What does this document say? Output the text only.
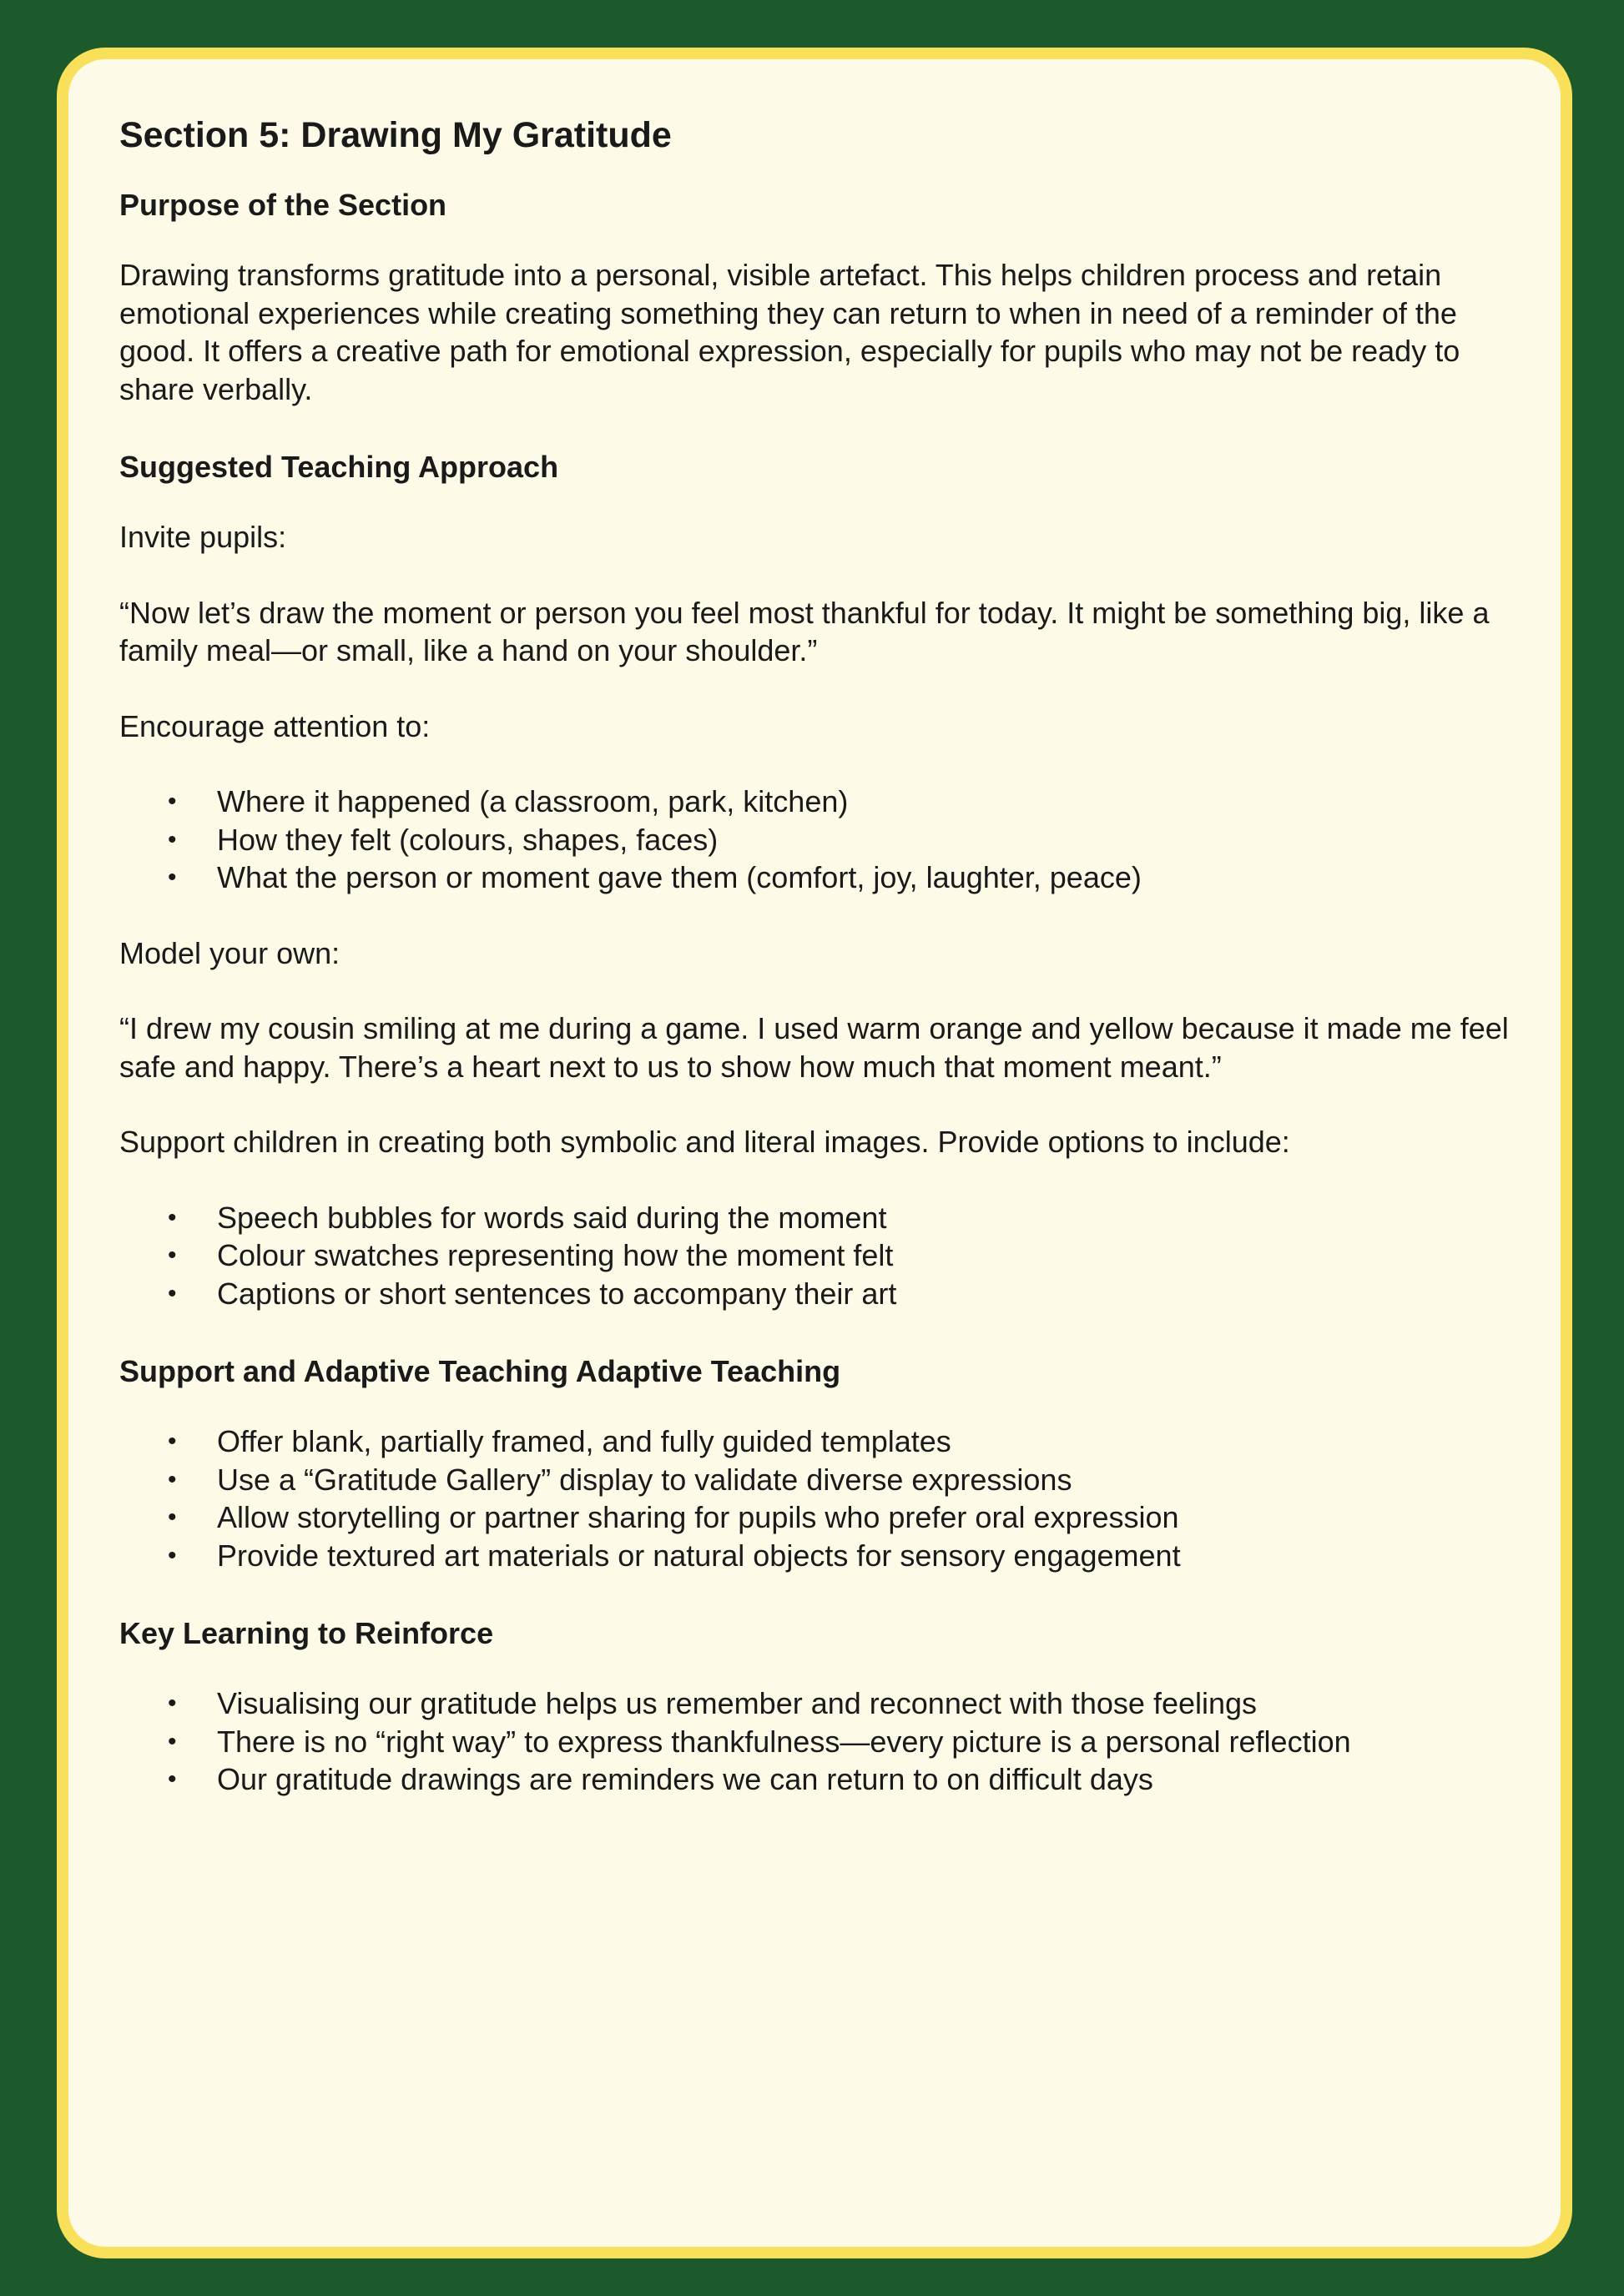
Section 5: Drawing My Gratitude
Purpose of the Section

Drawing transforms gratitude into a personal, visible artefact. This helps children process and retain emotional experiences while creating something they can return to when in need of a reminder of the good. It offers a creative path for emotional expression, especially for pupils who may not be ready to share verbally.

Suggested Teaching Approach

Invite pupils:

“Now let’s draw the moment or person you feel most thankful for today. It might be something big, like a family meal—or small, like a hand on your shoulder.”

Encourage attention to:

• Where it happened (a classroom, park, kitchen)
• How they felt (colours, shapes, faces)
• What the person or moment gave them (comfort, joy, laughter, peace)

Model your own:

“I drew my cousin smiling at me during a game. I used warm orange and yellow because it made me feel safe and happy. There’s a heart next to us to show how much that moment meant.”

Support children in creating both symbolic and literal images. Provide options to include:

• Speech bubbles for words said during the moment
• Colour swatches representing how the moment felt
• Captions or short sentences to accompany their art
Support and Adaptive Teaching Adaptive Teaching
• Offer blank, partially framed, and fully guided templates
• Use a “Gratitude Gallery” display to validate diverse expressions
• Allow storytelling or partner sharing for pupils who prefer oral expression
• Provide textured art materials or natural objects for sensory engagement
Key Learning to Reinforce
• Visualising our gratitude helps us remember and reconnect with those feelings
• There is no “right way” to express thankfulness—every picture is a personal reflection
• Our gratitude drawings are reminders we can return to on difficult days
